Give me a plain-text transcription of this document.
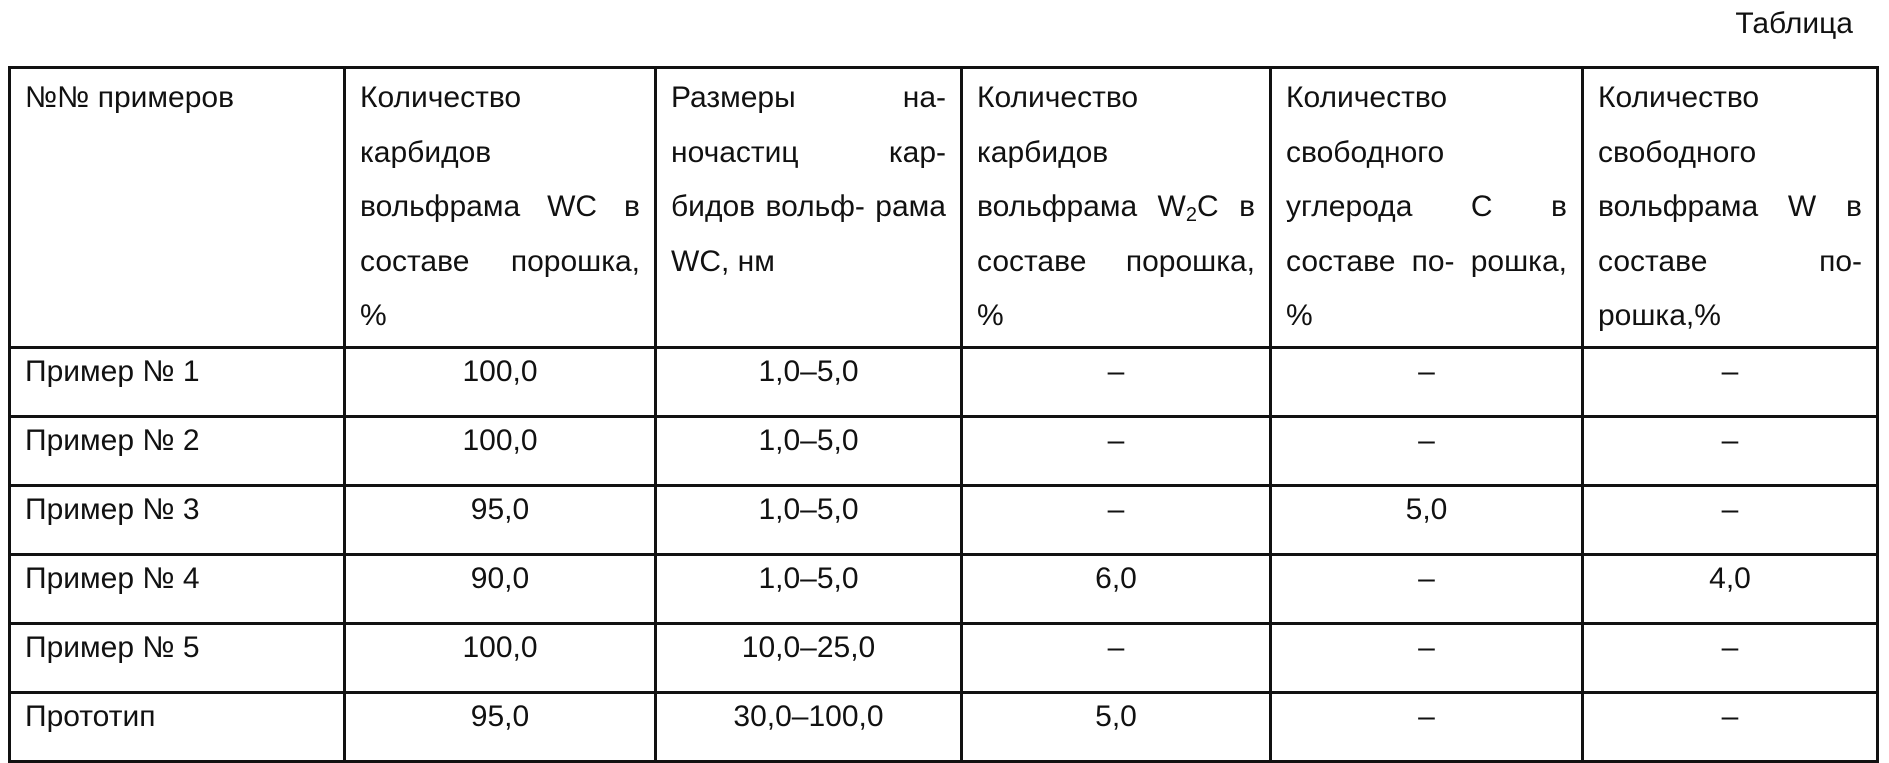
Таблица
№№ примеров	Количество карбидов вольфрама WC в составе порошка, %	Размеры на- ночастиц кар- бидов вольф- рама WC, нм	Количество карбидов вольфрама $W_2C$ в составе порошка, %	Количество свободного углерода C в составе по- рошка, %	Количество свободного вольфрама W в составе по- рошка,%
Пример № 1	100,0	1,0–5,0	–	–	–
Пример № 2	100,0	1,0–5,0	–	–	–
Пример № 3	95,0	1,0–5,0	–	5,0	–
Пример № 4	90,0	1,0–5,0	6,0	–	4,0
Пример № 5	100,0	10,0–25,0	–	–	–
Прототип	95,0	30,0–100,0	5,0	–	–
